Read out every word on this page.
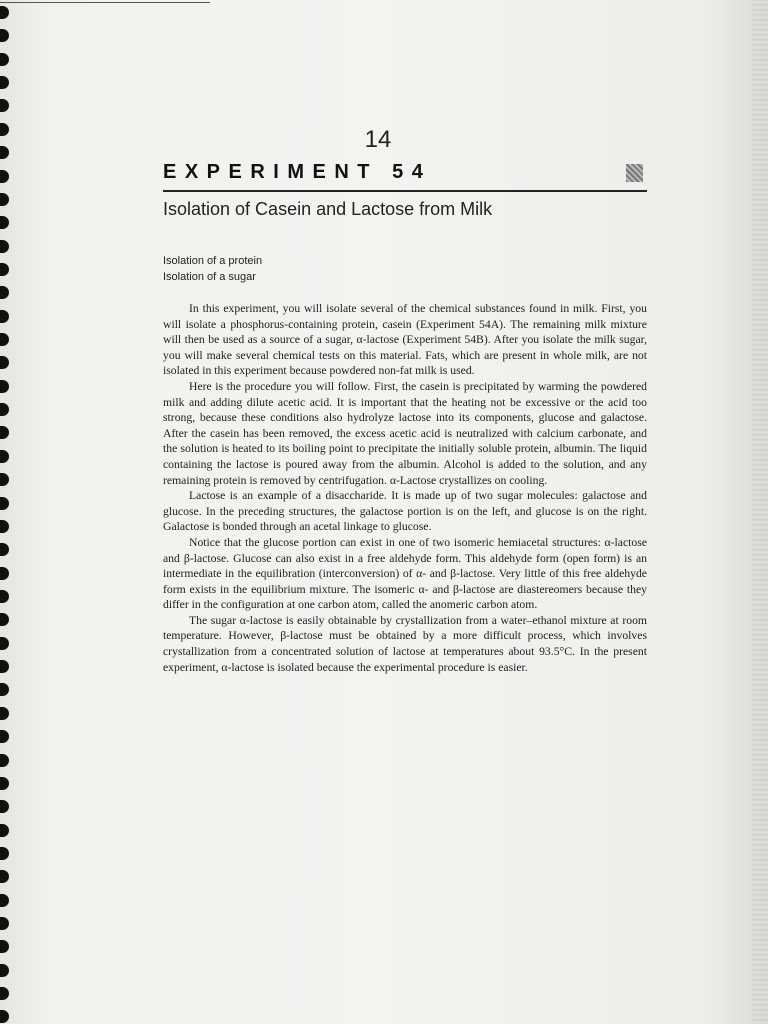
14
EXPERIMENT 54
Isolation of Casein and Lactose from Milk
Isolation of a protein
Isolation of a sugar

In this experiment, you will isolate several of the chemical substances found in milk. First, you will isolate a phosphorus-containing protein, casein (Experiment 54A). The remaining milk mixture will then be used as a source of a sugar, α-lactose (Experiment 54B). After you isolate the milk sugar, you will make several chemical tests on this material. Fats, which are present in whole milk, are not isolated in this experiment because powdered non-fat milk is used.

Here is the procedure you will follow. First, the casein is precipitated by warming the powdered milk and adding dilute acetic acid. It is important that the heating not be excessive or the acid too strong, because these conditions also hydrolyze lactose into its components, glucose and galactose. After the casein has been removed, the excess acetic acid is neutralized with calcium carbonate, and the solution is heated to its boiling point to precipitate the initially soluble protein, albumin. The liquid containing the lactose is poured away from the albumin. Alcohol is added to the solution, and any remaining protein is removed by centrifugation. α-Lactose crystallizes on cooling.

Lactose is an example of a disaccharide. It is made up of two sugar molecules: galactose and glucose. In the preceding structures, the galactose portion is on the left, and glucose is on the right. Galactose is bonded through an acetal linkage to glucose.

Notice that the glucose portion can exist in one of two isomeric hemiacetal structures: α-lactose and β-lactose. Glucose can also exist in a free aldehyde form. This aldehyde form (open form) is an intermediate in the equilibration (interconversion) of α- and β-lactose. Very little of this free aldehyde form exists in the equilibrium mixture. The isomeric α- and β-lactose are diastereomers because they differ in the configuration at one carbon atom, called the anomeric carbon atom.

The sugar α-lactose is easily obtainable by crystallization from a water–ethanol mixture at room temperature. However, β-lactose must be obtained by a more difficult process, which involves crystallization from a concentrated solution of lactose at temperatures about 93.5°C. In the present experiment, α-lactose is isolated because the experimental procedure is easier.
